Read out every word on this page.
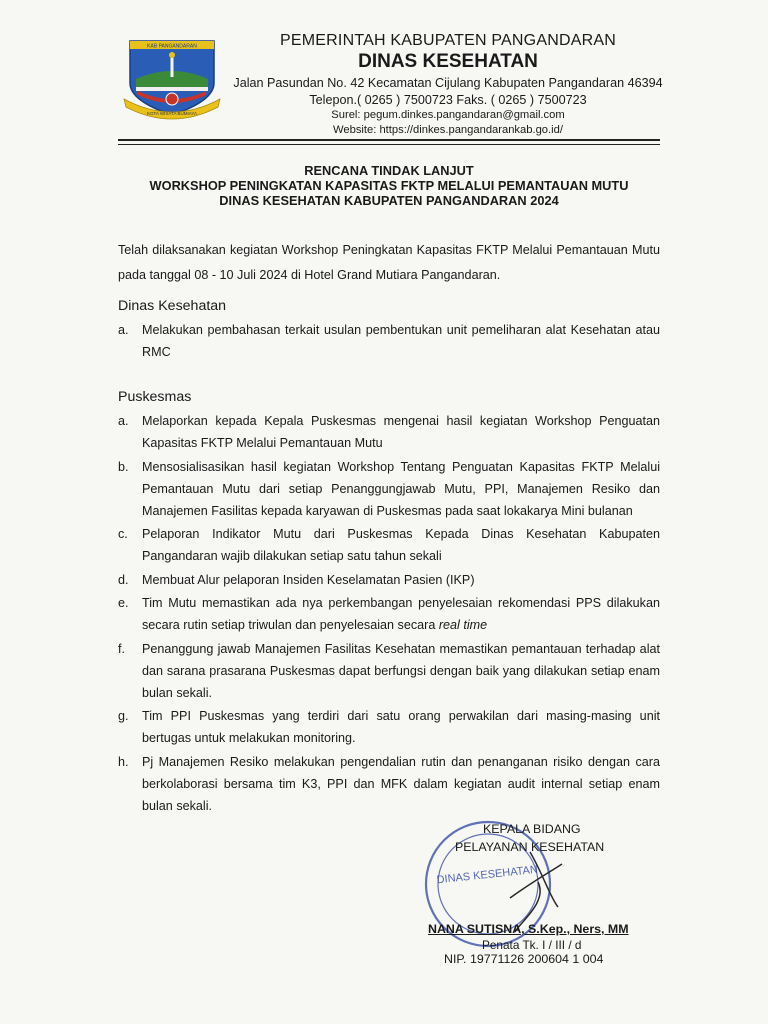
KAB PANGANDARAN
KOTA WISATA BUMIAYA
PEMERINTAH KABUPATEN PANGANDARAN
DINAS KESEHATAN
Jalan Pasundan No. 42 Kecamatan Cijulang Kabupaten Pangandaran 46394
Telepon.( 0265 ) 7500723 Faks. ( 0265 ) 7500723
Surel: pegum.dinkes.pangandaran@gmail.com
Website: https://dinkes.pangandarankab.go.id/
RENCANA TINDAK LANJUT
WORKSHOP PENINGKATAN KAPASITAS FKTP MELALUI PEMANTAUAN MUTU
DINAS KESEHATAN KABUPATEN PANGANDARAN 2024
Telah dilaksanakan kegiatan Workshop Peningkatan Kapasitas FKTP Melalui Pemantauan Mutu pada tanggal 08 - 10 Juli 2024 di Hotel Grand Mutiara Pangandaran.
Dinas Kesehatan
a.	Melakukan pembahasan terkait usulan pembentukan unit pemeliharan alat Kesehatan atau RMC
Puskesmas
a.	Melaporkan kepada Kepala Puskesmas mengenai hasil kegiatan Workshop Penguatan Kapasitas FKTP Melalui Pemantauan Mutu
b.	Mensosialisasikan hasil kegiatan Workshop Tentang Penguatan Kapasitas FKTP Melalui Pemantauan Mutu dari setiap Penanggungjawab Mutu, PPI, Manajemen Resiko dan Manajemen Fasilitas kepada karyawan di Puskesmas pada saat lokakarya Mini bulanan
c.	Pelaporan Indikator Mutu dari Puskesmas Kepada Dinas Kesehatan Kabupaten Pangandaran wajib dilakukan setiap satu tahun sekali
d.	Membuat Alur pelaporan Insiden Keselamatan Pasien (IKP)
e.	Tim Mutu memastikan ada nya perkembangan penyelesaian rekomendasi PPS dilakukan secara rutin setiap triwulan dan penyelesaian secara real time
f.	Penanggung jawab Manajemen Fasilitas Kesehatan memastikan pemantauan terhadap alat dan sarana prasarana Puskesmas dapat berfungsi dengan baik yang dilakukan setiap enam bulan sekali.
g.	Tim PPI Puskesmas yang terdiri dari satu orang perwakilan dari masing-masing unit bertugas untuk melakukan monitoring.
h.	Pj Manajemen Resiko melakukan pengendalian rutin dan penanganan risiko dengan cara berkolaborasi bersama tim K3, PPI dan MFK dalam kegiatan audit internal setiap enam bulan sekali.
DINAS KESEHATAN
KEPALA BIDANG
PELAYANAN KESEHATAN
NANA SUTISNA, S.Kep., Ners, MM
Penata Tk. I / III / d
NIP. 19771126 200604 1 004
